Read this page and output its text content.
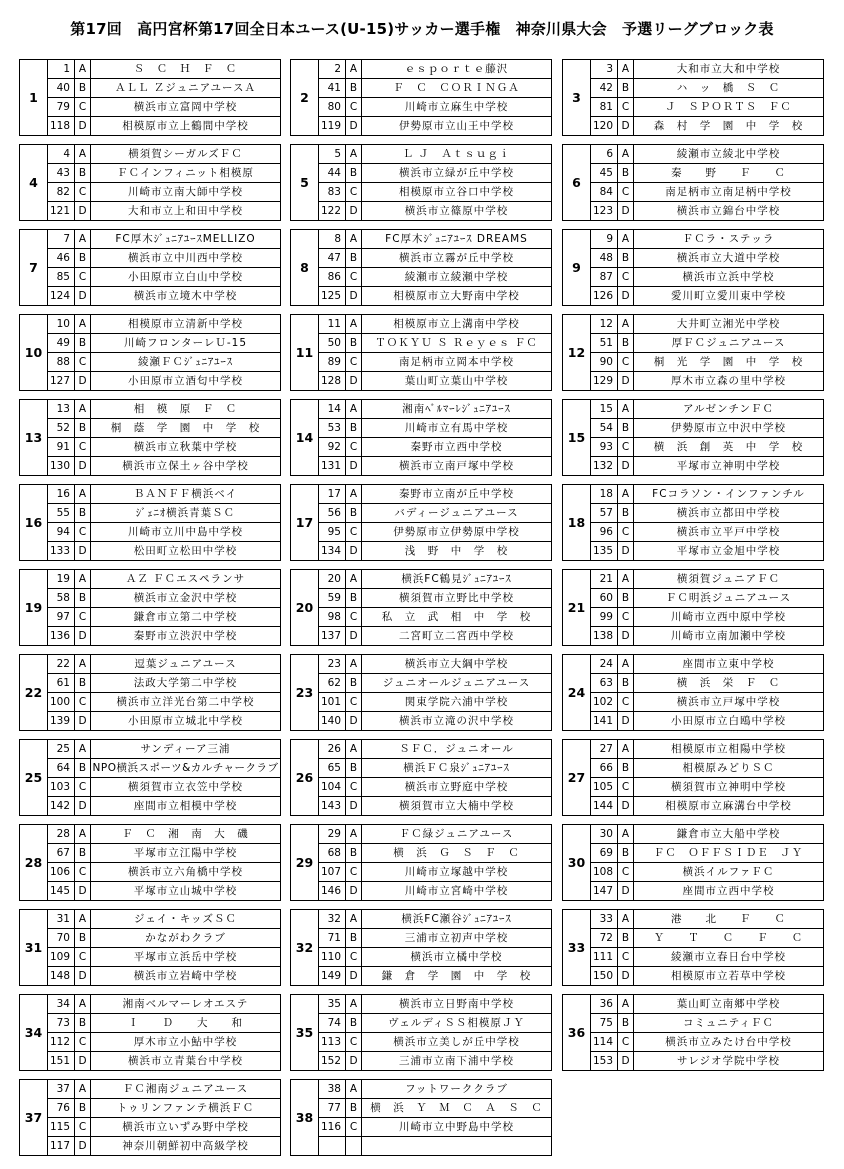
第17回　高円宮杯第17回全日本ユース(U-15)サッカー選手権　神奈川県大会　予選リーグブロック表
1
1 A	Ｓ　Ｃ　Ｈ　Ｆ　Ｃ
40 B	ＡＬＬ ＺジュニアユースＡ
79 C	横浜市立富岡中学校
118 D	相模原市立上鶴間中学校
2
2 A	ｅｓｐｏｒｔｅ藤沢
41 B	Ｆ　Ｃ　ＣＯＲＩＮＧＡ
80 C	川崎市立麻生中学校
119 D	伊勢原市立山王中学校
3
3 A	大和市立大和中学校
42 B	ハ　ッ　橋　Ｓ　Ｃ
81 C	Ｊ　ＳＰＯＲＴＳ　ＦＣ
120 D	森　村　学　園　中　学　校
4
4 A	横須賀シーガルズＦＣ
43 B	ＦＣインフィニット相模原
82 C	川崎市立南大師中学校
121 D	大和市立上和田中学校
5
5 A	Ｌ Ｊ　Ａｔｓｕｇｉ
44 B	横浜市立緑が丘中学校
83 C	相模原市立谷口中学校
122 D	横浜市立篠原中学校
6
6 A	綾瀬市立綾北中学校
45 B	秦　　野　　Ｆ　　Ｃ
84 C	南足柄市立南足柄中学校
123 D	横浜市立錦台中学校
7
7 A	FC厚木ｼﾞｭﾆｱﾕｰｽMELLIZO
46 B	横浜市立中川西中学校
85 C	小田原市立白山中学校
124 D	横浜市立境木中学校
8
8 A	FC厚木ｼﾞｭﾆｱﾕｰｽ DREAMS
47 B	横浜市立霧が丘中学校
86 C	綾瀬市立綾瀬中学校
125 D	相模原市立大野南中学校
9
9 A	ＦＣラ・ステッラ
48 B	横浜市立大道中学校
87 C	横浜市立浜中学校
126 D	愛川町立愛川東中学校
10
10 A	相模原市立清新中学校
49 B	川崎フロンターレＵ-15
88 C	綾瀬ＦＣｼﾞｭﾆｱﾕｰｽ
127 D	小田原市立酒匂中学校
11
11 A	相模原市立上溝南中学校
50 B	ＴＯＫＹＵ Ｓ Ｒｅｙｅｓ ＦＣ
89 C	南足柄市立岡本中学校
128 D	葉山町立葉山中学校
12
12 A	大井町立湘光中学校
51 B	厚ＦＣジュニアユース
90 C	桐　光　学　園　中　学　校
129 D	厚木市立森の里中学校
13
13 A	相　模　原　Ｆ　Ｃ
52 B	桐　蔭　学　園　中　学　校
91 C	横浜市立秋葉中学校
130 D	横浜市立保土ヶ谷中学校
14
14 A	湘南ﾍﾞﾙﾏｰﾚｼﾞｭﾆｱﾕｰｽ
53 B	川崎市立有馬中学校
92 C	秦野市立西中学校
131 D	横浜市立南戸塚中学校
15
15 A	アルゼンチンＦＣ
54 B	伊勢原市立中沢中学校
93 C	横　浜　創　英　中　学　校
132 D	平塚市立神明中学校
16
16 A	ＢＡＮＦＦ横浜ベイ
55 B	ｼﾞｪﾆｵ横浜青葉ＳＣ
94 C	川崎市立川中島中学校
133 D	松田町立松田中学校
17
17 A	秦野市立南が丘中学校
56 B	バディージュニアユース
95 C	伊勢原市立伊勢原中学校
134 D	浅　野　中　学　校
18
18 A	FCコラソン・インファンチル
57 B	横浜市立都田中学校
96 C	横浜市立平戸中学校
135 D	平塚市立金旭中学校
19
19 A	ＡＺ ＦＣエスペランサ
58 B	横浜市立金沢中学校
97 C	鎌倉市立第二中学校
136 D	秦野市立渋沢中学校
20
20 A	横浜FC鶴見ｼﾞｭﾆｱﾕｰｽ
59 B	横須賀市立野比中学校
98 C	私　立　武　相　中　学　校
137 D	二宮町立二宮西中学校
21
21 A	横須賀ジュニアＦＣ
60 B	ＦＣ明浜ジュニアユース
99 C	川崎市立西中原中学校
138 D	川崎市立南加瀬中学校
22
22 A	逗葉ジュニアユース
61 B	法政大学第二中学校
100 C	横浜市立洋光台第二中学校
139 D	小田原市立城北中学校
23
23 A	横浜市立大綱中学校
62 B	ジュニオールジュニアユース
101 C	関東学院六浦中学校
140 D	横浜市立滝の沢中学校
24
24 A	座間市立東中学校
63 B	横　浜　栄　Ｆ　Ｃ
102 C	横浜市立戸塚中学校
141 D	小田原市立白鴎中学校
25
25 A	サンディーア三浦
64 B NPO横浜スポーツ&カルチャークラブ
103 C	横須賀市立衣笠中学校
142 D	座間市立相模中学校
26
26 A	ＳＦＣ．ジュニオール
65 B	横浜ＦＣ泉ｼﾞｭﾆｱﾕｰｽ
104 C	横浜市立野庭中学校
143 D	横須賀市立大楠中学校
27
27 A	相模原市立相陽中学校
66 B	相模原みどりＳＣ
105 C	横須賀市立神明中学校
144 D	相模原市立麻溝台中学校
28
28 A	Ｆ　Ｃ　湘　南　大　磯
67 B	平塚市立江陽中学校
106 C	横浜市立六角橋中学校
145 D	平塚市立山城中学校
29
29 A	ＦＣ緑ジュニアユース
68 B	横　浜　Ｇ　Ｓ　Ｆ　Ｃ
107 C	川崎市立塚越中学校
146 D	川崎市立宮崎中学校
30
30 A	鎌倉市立大船中学校
69 B	ＦＣ　ＯＦＦＳＩＤＥ　ＪＹ
108 C	横浜イルファＦＣ
147 D	座間市立西中学校
31
31 A	ジェイ・キッズＳＣ
70 B	かながわクラブ
109 C	平塚市立浜岳中学校
148 D	横浜市立岩崎中学校
32
32 A	横浜FC瀬谷ｼﾞｭﾆｱﾕｰｽ
71 B	三浦市立初声中学校
110 C	横浜市立橘中学校
149 D	鎌　倉　学　園　中　学　校
33
33 A	港　　北　　Ｆ　　Ｃ
72 B	Ｙ　　Ｔ　　Ｃ　　Ｆ　　Ｃ
111 C	綾瀬市立春日台中学校
150 D	相模原市立若草中学校
34
34 A	湘南ベルマーレオエステ
73 B	Ｉ　　Ｄ　　大　　和
112 C	厚木市立小鮎中学校
151 D	横浜市立青葉台中学校
35
35 A	横浜市立日野南中学校
74 B	ヴェルディＳＳ相模原ＪＹ
113 C	横浜市立美しが丘中学校
152 D	三浦市立南下浦中学校
36
36 A	葉山町立南郷中学校
75 B	コミュニティＦＣ
114 C	横浜市立みたけ台中学校
153 D	サレジオ学院中学校
37
37 A	ＦＣ湘南ジュニアユース
76 B	トゥリンファンテ横浜ＦＣ
115 C	横浜市立いずみ野中学校
117 D	神奈川朝鮮初中高級学校
38
38 A	フットワーククラブ
77 B	横　浜　Ｙ　Ｍ　Ｃ　Ａ　Ｓ　Ｃ
116 C	川崎市立中野島中学校
